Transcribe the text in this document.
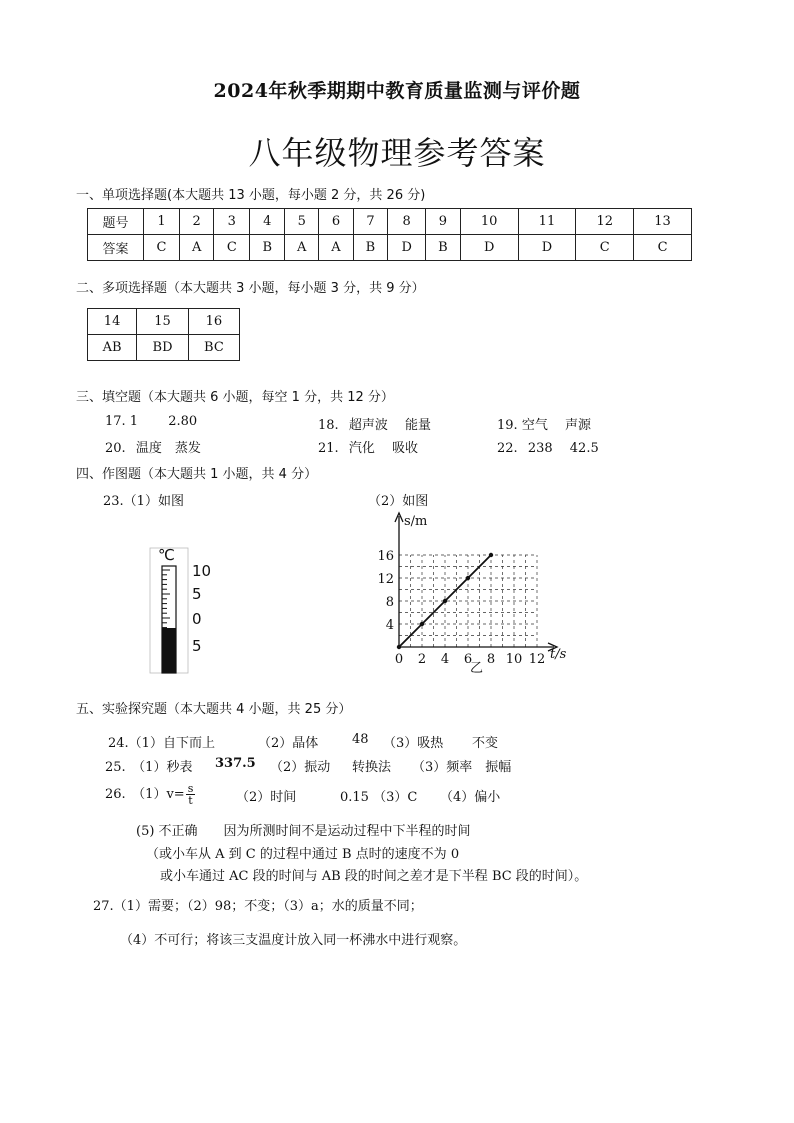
2024年秋季期期中教育质量监测与评价题
八年级物理参考答案
一、单项选择题(本大题共 13 小题，每小题 2 分，共 26 分)
题号	1	2	3	4	5	6	7	8	9	10	11	12	13
答案	C	A	C	B	A	A	B	D	B	D	D	C	C
二、多项选择题（本大题共 3 小题，每小题 3 分，共 9 分）
14	15	16
AB	BD	BC
三、填空题（本大题共 6 小题，每空 1 分，共 12 分）
17. 1 2.80	18. 超声波　 能量	19. 空气　 声源
20. 温度　蒸发	21. 汽化　 吸收	22. 238　 42.5
四、作图题（本大题共 1 小题，共 4 分）
23.（1）如图	（2）如图
℃
10
5
0
5
s/m
t/s
乙
0 2 4 6 8 10 12
4
8
12
16
五、实验探究题（本大题共 4 小题，共 25 分）
24.（1）自下而上	（2）晶体	48 （3）吸热 不变
25.　（1）秒表 337.5 （2）振动 转换法 （3）频率　振幅
26.　$(1)v= \frac{s}{t}$	（2）时间	0.15 （3）C （4）偏小
(5) 不正确　　因为所测时间不是运动过程中下半程的时间
（或小车从 A 到 C 的过程中通过 B 点时的速度不为 0
或小车通过 AC 段的时间与 AB 段的时间之差才是下半程 BC 段的时间）。
27.（1）需要；（2）98；不变；（3）a；水的质量不同；
（4）不可行；将该三支温度计放入同一杯沸水中进行观察。
